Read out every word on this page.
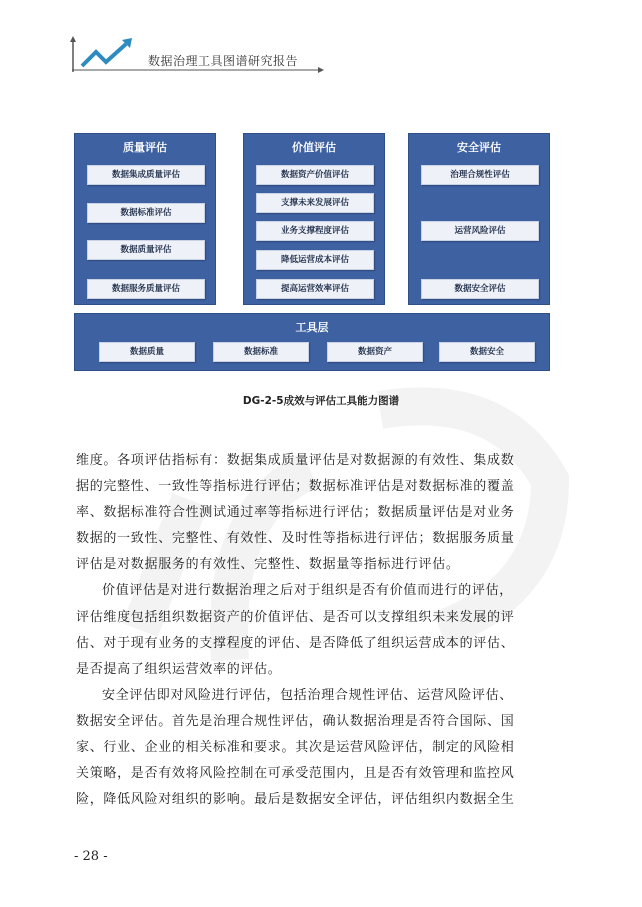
数据治理工具图谱研究报告
质量评估
数据集成质量评估
数据标准评估
数据质量评估
数据服务质量评估
价值评估
数据资产价值评估
支撑未来发展评估
业务支撑程度评估
降低运营成本评估
提高运营效率评估
安全评估
治理合规性评估
运营风险评估
数据安全评估
工具层
数据质量	数据标准	数据资产	数据安全
DG-2-5成效与评估工具能力图谱
维度。各项评估指标有：数据集成质量评估是对数据源的有效性、集成数
据的完整性、一致性等指标进行评估；数据标准评估是对数据标准的覆盖
率、数据标准符合性测试通过率等指标进行评估；数据质量评估是对业务
数据的一致性、完整性、有效性、及时性等指标进行评估；数据服务质量
评估是对数据服务的有效性、完整性、数据量等指标进行评估。
价值评估是对进行数据治理之后对于组织是否有价值而进行的评估，
评估维度包括组织数据资产的价值评估、是否可以支撑组织未来发展的评
估、对于现有业务的支撑程度的评估、是否降低了组织运营成本的评估、
是否提高了组织运营效率的评估。
安全评估即对风险进行评估，包括治理合规性评估、运营风险评估、
数据安全评估。首先是治理合规性评估，确认数据治理是否符合国际、国
家、行业、企业的相关标准和要求。其次是运营风险评估，制定的风险相
关策略，是否有效将风险控制在可承受范围内，且是否有效管理和监控风
险，降低风险对组织的影响。最后是数据安全评估，评估组织内数据全生
- 28 -
